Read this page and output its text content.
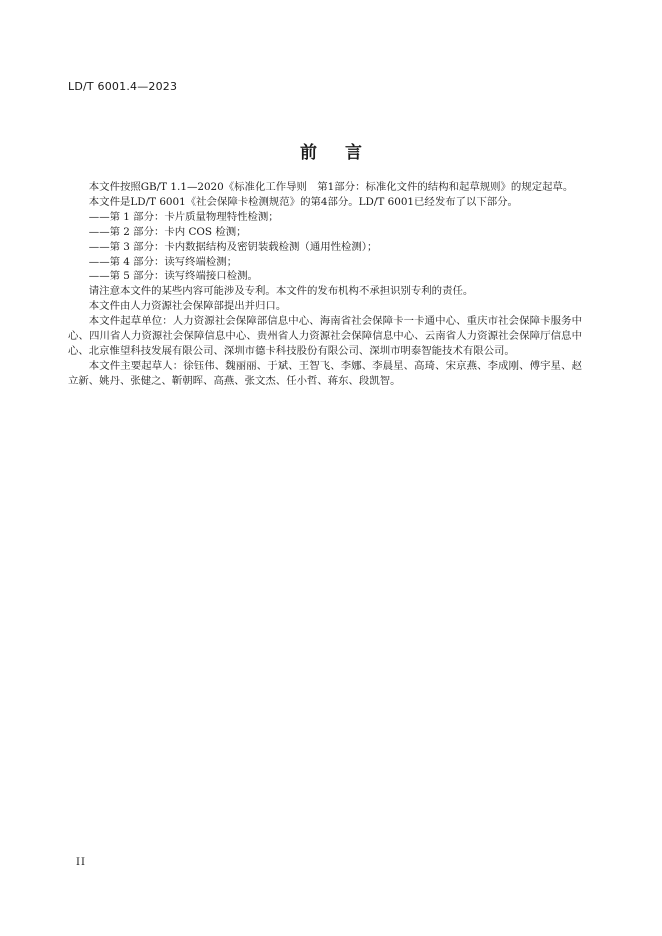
LD/T 6001.4—2023
前言

本文件按照GB/T 1.1—2020《标准化工作导则　第1部分：标准化文件的结构和起草规则》的规定起草。

本文件是LD/T 6001《社会保障卡检测规范》的第4部分。LD/T 6001已经发布了以下部分。

——第 1 部分：卡片质量物理特性检测；

——第 2 部分：卡内 COS 检测；

——第 3 部分：卡内数据结构及密钥装载检测（通用性检测）；

——第 4 部分：读写终端检测；

——第 5 部分：读写终端接口检测。

请注意本文件的某些内容可能涉及专利。本文件的发布机构不承担识别专利的责任。

本文件由人力资源社会保障部提出并归口。

本文件起草单位：人力资源社会保障部信息中心、海南省社会保障卡一卡通中心、重庆市社会保障卡服务中心、四川省人力资源社会保障信息中心、贵州省人力资源社会保障信息中心、云南省人力资源社会保障厅信息中心、北京惟望科技发展有限公司、深圳市德卡科技股份有限公司、深圳市明泰智能技术有限公司。

本文件主要起草人：徐钰伟、魏丽丽、于斌、王智飞、李娜、李晨星、高琦、宋京燕、李成刚、傅宇星、赵立新、姚丹、张健之、靳朝晖、高燕、张文杰、任小哲、蒋东、段凯智。

II
